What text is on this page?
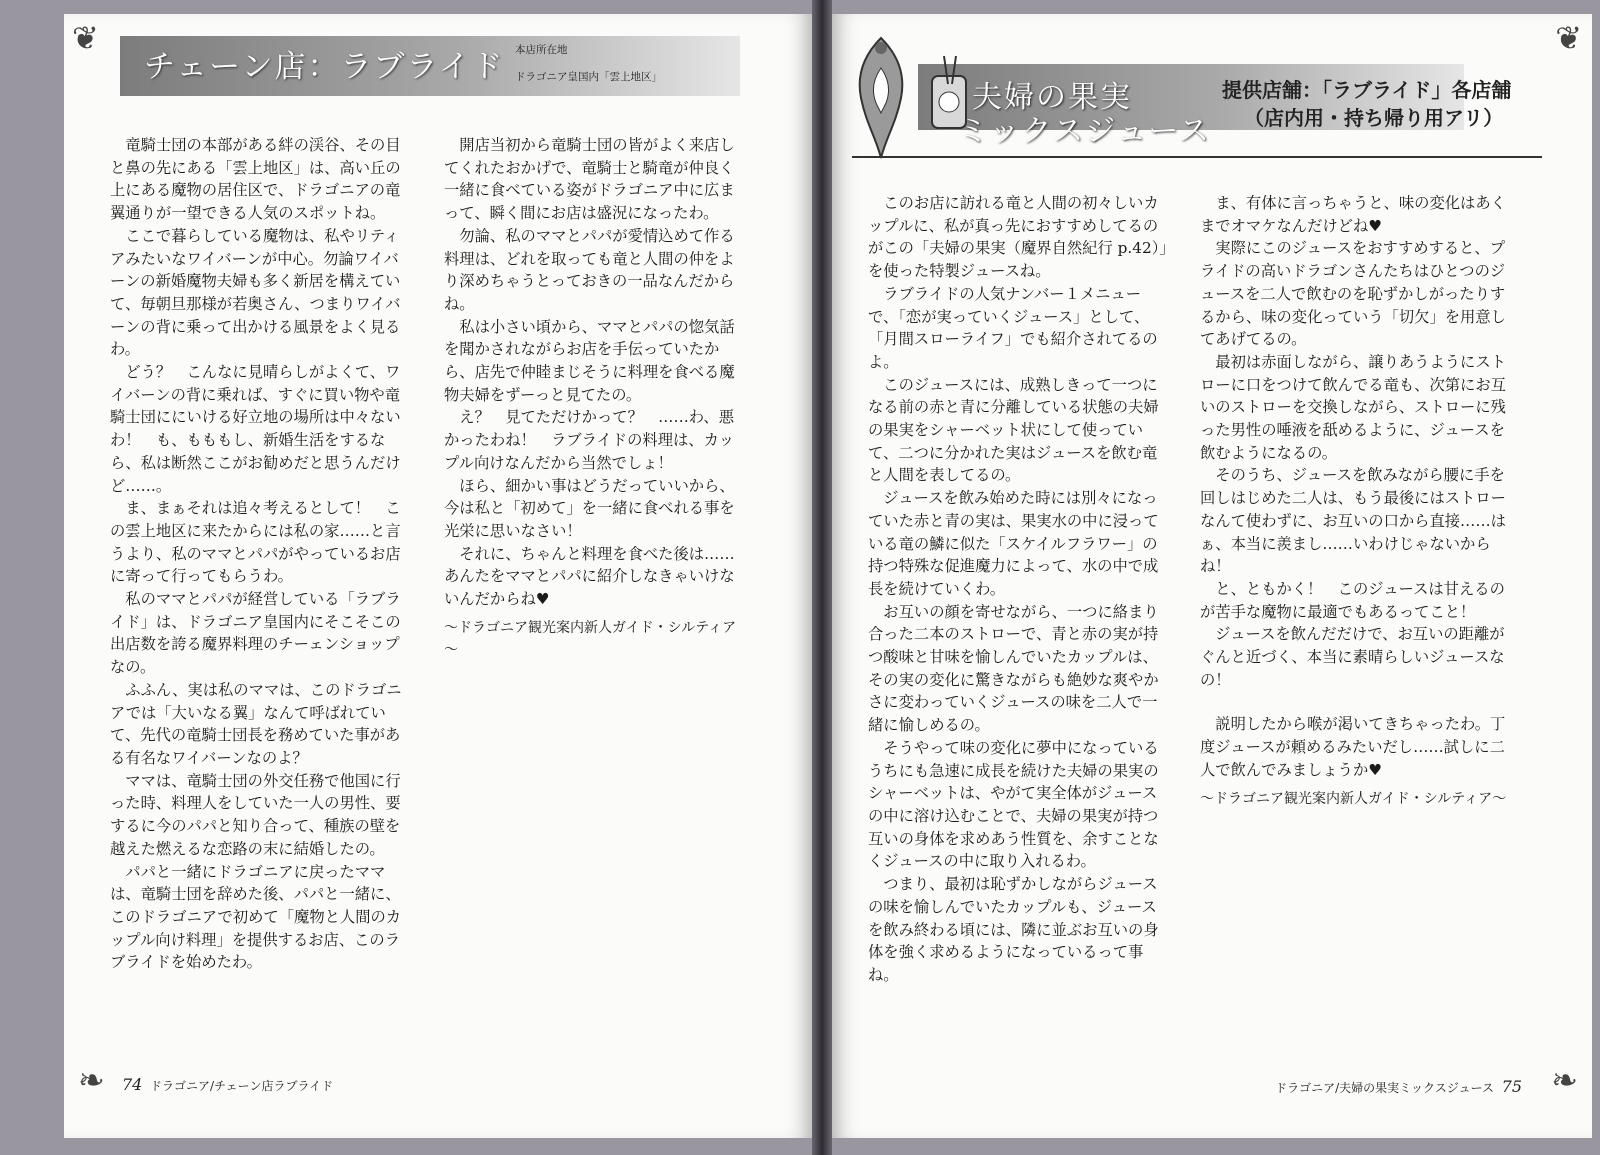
❦
チェーン店：ラブライド 本店所在地
ドラゴニア皇国内「雲上地区」

竜騎士団の本部がある絆の渓谷、その目と鼻の先にある「雲上地区」は、高い丘の上にある魔物の居住区で、ドラゴニアの竜翼通りが一望できる人気のスポットね。

ここで暮らしている魔物は、私やリティアみたいなワイバーンが中心。勿論ワイバーンの新婚魔物夫婦も多く新居を構えていて、毎朝旦那様が若奥さん、つまりワイバーンの背に乗って出かける風景をよく見るわ。

どう？　こんなに見晴らしがよくて、ワイバーンの背に乗れば、すぐに買い物や竜騎士団ににいける好立地の場所は中々ないわ！　も、もももし、新婚生活をするなら、私は断然ここがお勧めだと思うんだけど……。

ま、まぁそれは追々考えるとして！　この雲上地区に来たからには私の家……と言うより、私のママとパパがやっているお店に寄って行ってもらうわ。

私のママとパパが経営している「ラブライド」は、ドラゴニア皇国内にそこそこの出店数を誇る魔界料理のチーェンショップなの。

ふふん、実は私のママは、このドラゴニアでは「大いなる翼」なんて呼ばれていて、先代の竜騎士団長を務めていた事がある有名なワイバーンなのよ？

ママは、竜騎士団の外交任務で他国に行った時、料理人をしていた一人の男性、要するに今のパパと知り合って、種族の壁を越えた燃えるな恋路の末に結婚したの。

パパと一緒にドラゴニアに戻ったママは、竜騎士団を辞めた後、パパと一緒に、このドラゴニアで初めて「魔物と人間のカップル向け料理」を提供するお店、このラブライドを始めたわ。

開店当初から竜騎士団の皆がよく来店してくれたおかげで、竜騎士と騎竜が仲良く一緒に食べている姿がドラゴニア中に広まって、瞬く間にお店は盛況になったわ。

勿論、私のママとパパが愛情込めて作る料理は、どれを取っても竜と人間の仲をより深めちゃうとっておきの一品なんだからね。

私は小さい頃から、ママとパパの惚気話を聞かされながらお店を手伝っていたから、店先で仲睦まじそうに料理を食べる魔物夫婦をずーっと見てたの。

え？　見てただけかって？　……わ、悪かったわね！　ラブライドの料理は、カップル向けなんだから当然でしょ！

ほら、細かい事はどうだっていいから、今は私と「初めて」を一緒に食べれる事を光栄に思いなさい！

それに、ちゃんと料理を食べた後は……あんたをママとパパに紹介しなきゃいけないんだからね♥

～ドラゴニア観光案内新人ガイド・シルティア～

❧ 74 ドラゴニア/チェーン店ラブライド
❦
夫婦の果実
ミックスジュース
提供店舗：「ラブライド」各店舗
（店内用・持ち帰り用アリ）

このお店に訪れる竜と人間の初々しいカップルに、私が真っ先におすすめしてるのがこの「夫婦の果実（魔界自然紀行 p.42）」を使った特製ジュースね。

ラブライドの人気ナンバー１メニューで、「恋が実っていくジュース」として、「月間スローライフ」でも紹介されてるのよ。

このジュースには、成熟しきって一つになる前の赤と青に分離している状態の夫婦の果実をシャーベット状にして使っていて、二つに分かれた実はジュースを飲む竜と人間を表してるの。

ジュースを飲み始めた時には別々になっていた赤と青の実は、果実水の中に浸っている竜の鱗に似た「スケイルフラワー」の持つ特殊な促進魔力によって、水の中で成長を続けていくわ。

お互いの顔を寄せながら、一つに絡まり合った二本のストローで、青と赤の実が持つ酸味と甘味を愉しんでいたカップルは、その実の変化に驚きながらも絶妙な爽やかさに変わっていくジュースの味を二人で一緒に愉しめるの。

そうやって味の変化に夢中になっているうちにも急速に成長を続けた夫婦の果実のシャーベットは、やがて実全体がジュースの中に溶け込むことで、夫婦の果実が持つ互いの身体を求めあう性質を、余すことなくジュースの中に取り入れるわ。

つまり、最初は恥ずかしながらジュースの味を愉しんでいたカップルも、ジュースを飲み終わる頃には、隣に並ぶお互いの身体を強く求めるようになっているって事ね。

ま、有体に言っちゃうと、味の変化はあくまでオマケなんだけどね♥

実際にこのジュースをおすすめすると、プライドの高いドラゴンさんたちはひとつのジュースを二人で飲むのを恥ずかしがったりするから、味の変化っていう「切欠」を用意してあげてるの。

最初は赤面しながら、譲りあうようにストローに口をつけて飲んでる竜も、次第にお互いのストローを交換しながら、ストローに残った男性の唾液を舐めるように、ジュースを飲むようになるの。

そのうち、ジュースを飲みながら腰に手を回しはじめた二人は、もう最後にはストローなんて使わずに、お互いの口から直接……はぁ、本当に羨まし……いわけじゃないからね！

と、ともかく！　このジュースは甘えるのが苦手な魔物に最適でもあるってこと！

ジュースを飲んだだけで、お互いの距離がぐんと近づく、本当に素晴らしいジュースなの！

説明したから喉が渇いてきちゃったわ。丁度ジュースが頼めるみたいだし……試しに二人で飲んでみましょうか♥

～ドラゴニア観光案内新人ガイド・シルティア～

❧
ドラゴニア/夫婦の果実ミックスジュース 75
